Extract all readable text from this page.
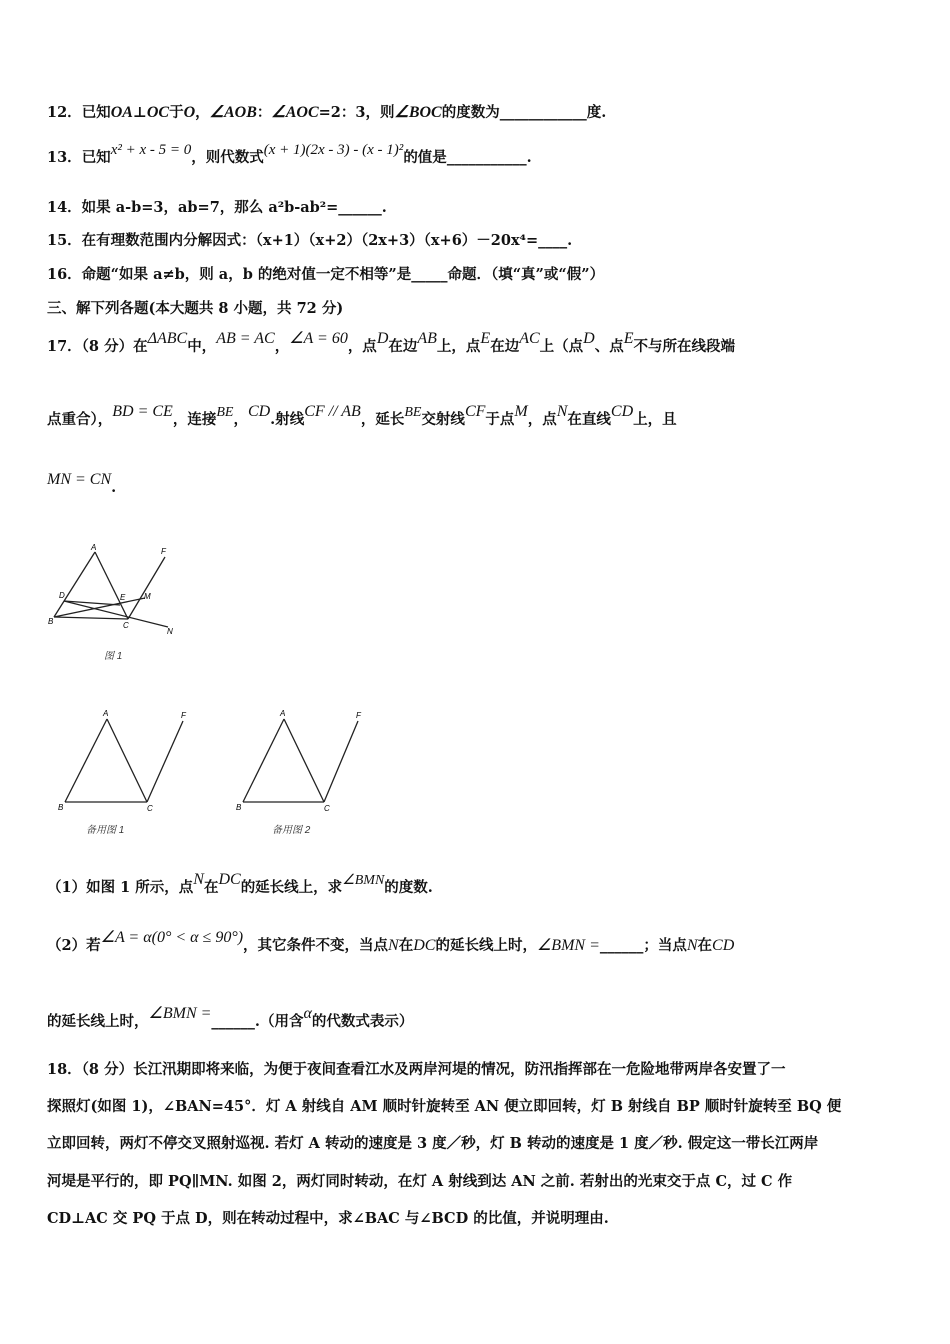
12．已知OA⊥OC于O，∠AOB：∠AOC=2：3，则∠BOC的度数为____________度.
13．已知x² + x - 5 = 0，则代数式(x + 1)(2x - 3) - (x - 1)²的值是___________.
14．如果 a-b=3，ab=7，那么 a²b-ab²=______.
15．在有理数范围内分解因式：（x+1）（x+2）（2x+3）（x+6）－20x⁴=____.
16．命题“如果 a≠b，则 a，b 的绝对值一定不相等”是_____命题．（填“真”或“假”）
三、解下列各题(本大题共 8 小题，共 72 分)
17．（8 分）在ΔABC中，AB = AC，∠A = 60，点D在边AB上，点E在边AC上（点D、点E不与所在线段端
点重合），BD = CE，连接BE，CD.射线CF // AB，延长BE交射线CF于点M，点N在直线CD上，且
MN = CN.
A	F
D	E M
B	C
N
图 1
A	F
B	C
备用图 1
A	F
B	C
备用图 2
（1）如图 1 所示，点N在DC的延长线上，求∠BMN的度数.
（2）若∠A = α(0° < α ≤ 90°)，其它条件不变，当点N在DC的延长线上时，∠BMN =______；当点N在CD
的延长线上时，∠BMN =______.（用含α的代数式表示）
18．（8 分）长江汛期即将来临，为便于夜间查看江水及两岸河堤的情况，防汛指挥部在一危险地带两岸各安置了一
探照灯(如图 1)，∠BAN=45°．灯 A 射线自 AM 顺时针旋转至 AN 便立即回转，灯 B 射线自 BP 顺时针旋转至 BQ 便
立即回转，两灯不停交叉照射巡视. 若灯 A 转动的速度是 3 度／秒，灯 B 转动的速度是 1 度／秒. 假定这一带长江两岸
河堤是平行的，即 PQ∥MN. 如图 2，两灯同时转动，在灯 A 射线到达 AN 之前. 若射出的光束交于点 C，过 C 作
CD⊥AC 交 PQ 于点 D，则在转动过程中，求∠BAC 与∠BCD 的比值，并说明理由.
